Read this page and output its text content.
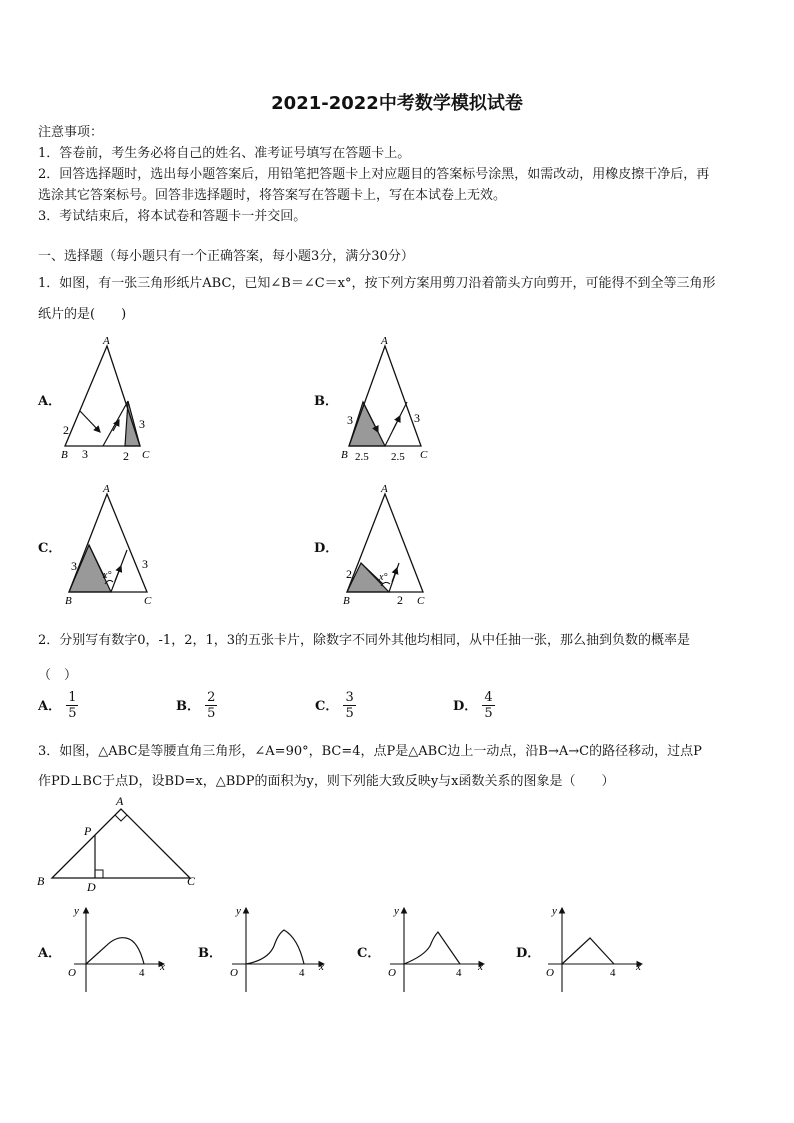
2021-2022中考数学模拟试卷
注意事项：
1．答卷前，考生务必将自己的姓名、准考证号填写在答题卡上。
2．回答选择题时，选出每小题答案后，用铅笔把答题卡上对应题目的答案标号涂黑，如需改动，用橡皮擦干净后，再
选涂其它答案标号。回答非选择题时，将答案写在答题卡上，写在本试卷上无效。
3．考试结束后，将本试卷和答题卡一并交回。
一、选择题（每小题只有一个正确答案，每小题3分，满分30分）
1．如图，有一张三角形纸片ABC，已知∠B＝∠C＝x°，按下列方案用剪刀沿着箭头方向剪开，可能得不到全等三角形
纸片的是(　　)
A．	B．
C．	D．
A
B	C
2
3	2
3
A
B	C
3	3
2.5 2.5
A
B	C
3	3
x°
A
B	C
2
2
x°
2．分别写有数字0，-1，2，1，3的五张卡片，除数字不同外其他均相同，从中任抽一张，那么抽到负数的概率是
（　）
A． $\frac{1}{5}$	B． $\frac{2}{5}$	C． $\frac{3}{5}$	D． $\frac{4}{5}$
3．如图，△ABC是等腰直角三角形，∠A=90°，BC=4，点P是△ABC边上一动点，沿B→A→C的路径移动，过点P
作PD⊥BC于点D，设BD=x，△BDP的面积为y，则下列能大致反映y与x函数关系的图象是（　　）
A
B	C
P
D
A．	B．	C．	D．
y
x
O	4
y
x
O	4
y
x
O	4
y
x
O	4
